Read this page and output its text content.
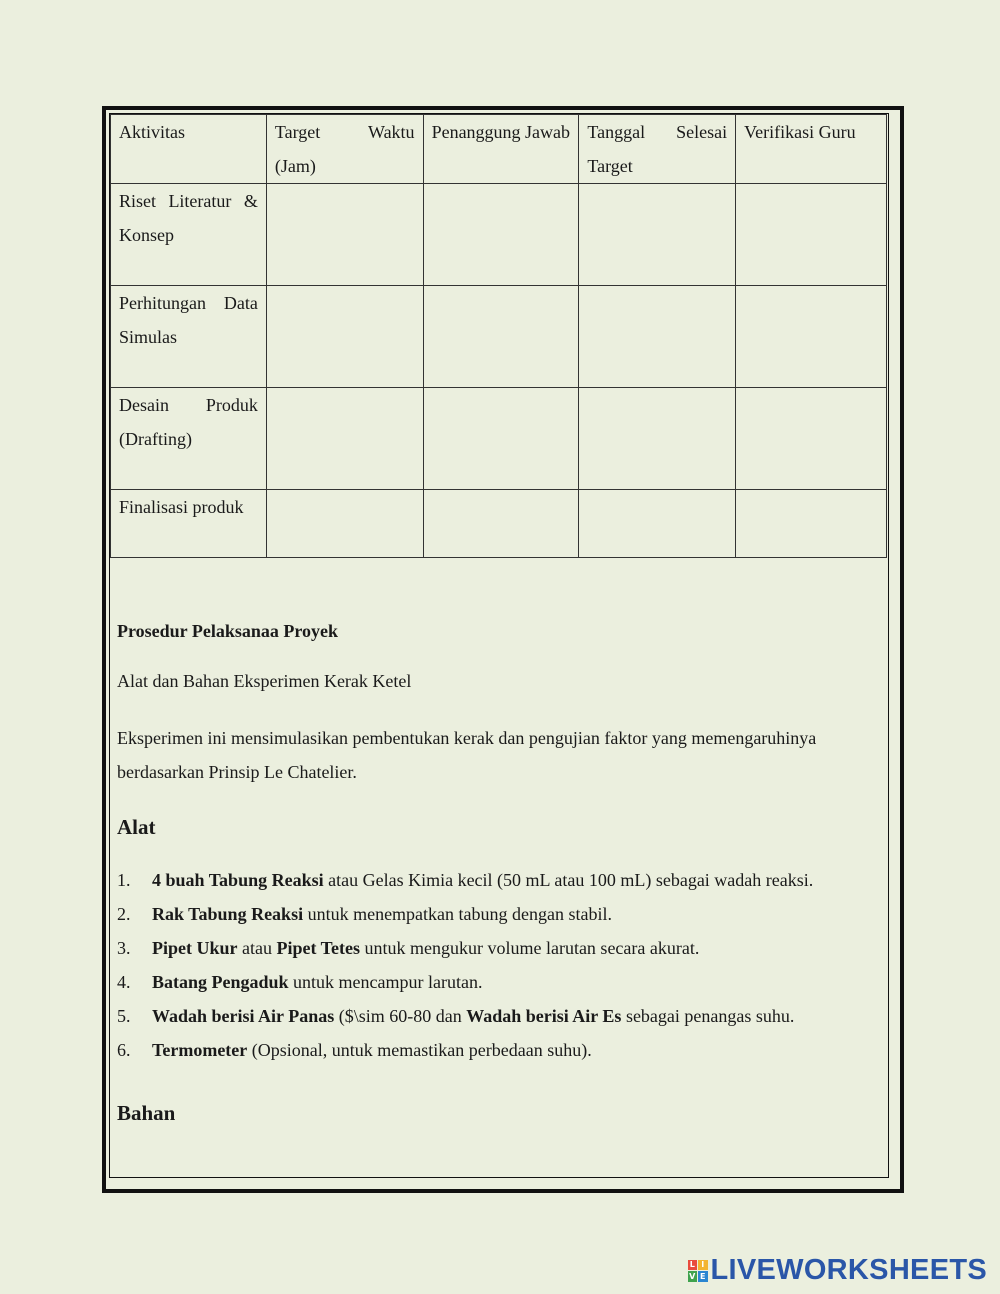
Aktivitas	Target Waktu (Jam)	Penanggung Jawab	Tanggal Selesai Target	Verifikasi Guru

Riset Literatur & Konsep				

Perhitungan Data Simulas				

Desain Produk (Drafting)				

Finalisasi produk				

Prosedur Pelaksanaa Proyek

Alat dan Bahan Eksperimen Kerak Ketel

Eksperimen ini mensimulasikan pembentukan kerak dan pengujian faktor yang memengaruhinya berdasarkan Prinsip Le Chatelier.

Alat

1. 4 buah Tabung Reaksi atau Gelas Kimia kecil (50 mL atau 100 mL) sebagai wadah reaksi.
2. Rak Tabung Reaksi untuk menempatkan tabung dengan stabil.
3. Pipet Ukur atau Pipet Tetes untuk mengukur volume larutan secara akurat.
4. Batang Pengaduk untuk mencampur larutan.
5. Wadah berisi Air Panas ($\sim 60-80 dan Wadah berisi Air Es sebagai penangas suhu.
6. Termometer (Opsional, untuk memastikan perbedaan suhu).

Bahan

L I
V E LIVEWORKSHEETS
